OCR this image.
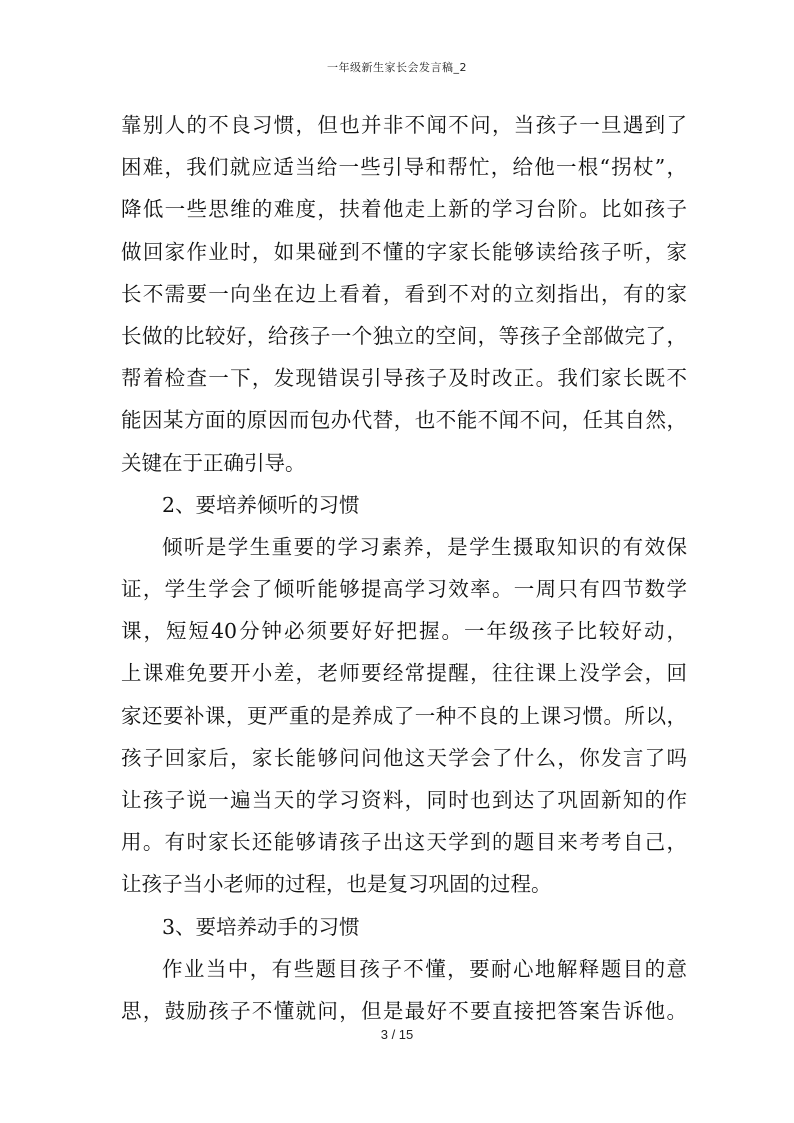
一年级新生家长会发言稿_2
靠别人的不良习惯，但也并非不闻不问，当孩子一旦遇到了
困难，我们就应适当给一些引导和帮忙，给他一根“拐杖”，
降低一些思维的难度，扶着他走上新的学习台阶。比如孩子
做回家作业时，如果碰到不懂的字家长能够读给孩子听，家
长不需要一向坐在边上看着，看到不对的立刻指出，有的家
长做的比较好，给孩子一个独立的空间，等孩子全部做完了，
帮着检查一下，发现错误引导孩子及时改正。我们家长既不
能因某方面的原因而包办代替，也不能不闻不问，任其自然，
关键在于正确引导。
2、要培养倾听的习惯
倾听是学生重要的学习素养，是学生摄取知识的有效保
证，学生学会了倾听能够提高学习效率。一周只有四节数学
课，短短40分钟必须要好好把握。一年级孩子比较好动，
上课难免要开小差，老师要经常提醒，往往课上没学会，回
家还要补课，更严重的是养成了一种不良的上课习惯。所以，
孩子回家后，家长能够问问他这天学会了什么，你发言了吗
让孩子说一遍当天的学习资料，同时也到达了巩固新知的作
用。有时家长还能够请孩子出这天学到的题目来考考自己，
让孩子当小老师的过程，也是复习巩固的过程。
3、要培养动手的习惯
作业当中，有些题目孩子不懂，要耐心地解释题目的意
思，鼓励孩子不懂就问，但是最好不要直接把答案告诉他。
3 / 15
